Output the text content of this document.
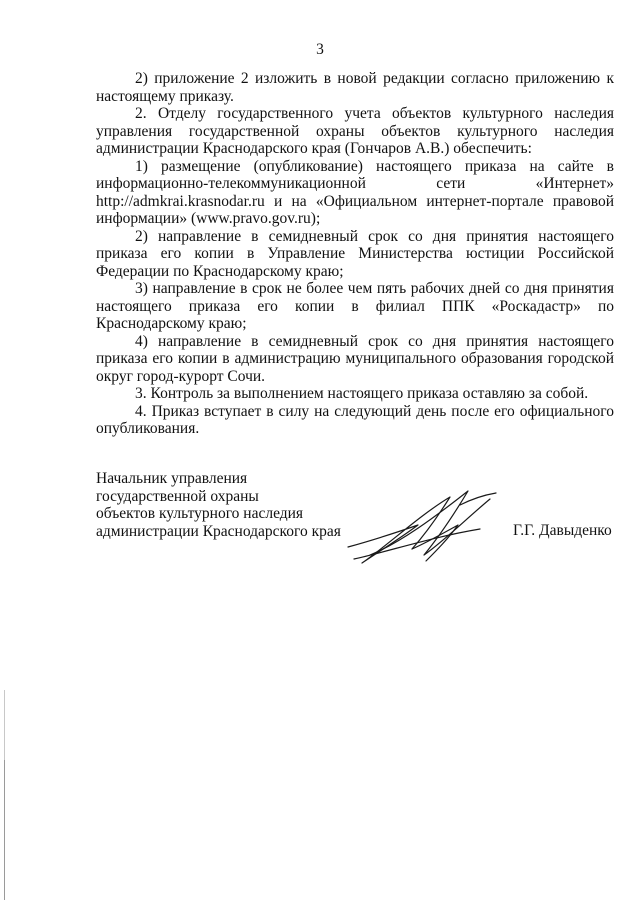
3

2) приложение 2 изложить в новой редакции согласно приложению к настоящему приказу.

2. Отделу государственного учета объектов культурного наследия управления государственной охраны объектов культурного наследия администрации Краснодарского края (Гончаров А.В.) обеспечить:

1) размещение (опубликование) настоящего приказа на сайте в информационно-телекоммуникационной сети «Интернет» http://admkrai.krasnodar.ru и на «Официальном интернет-портале правовой информации» (www.pravo.gov.ru);

2) направление в семидневный срок со дня принятия настоящего приказа его копии в Управление Министерства юстиции Российской Федерации по Краснодарскому краю;

3) направление в срок не более чем пять рабочих дней со дня принятия настоящего приказа его копии в филиал ППК «Роскадастр» по Краснодарскому краю;

4) направление в семидневный срок со дня принятия настоящего приказа его копии в администрацию муниципального образования городской округ город-курорт Сочи.

3. Контроль за выполнением настоящего приказа оставляю за собой.

4. Приказ вступает в силу на следующий день после его официального опубликования.

Начальник управления
государственной охраны
объектов культурного наследия
администрации Краснодарского края	Г.Г. Давыденко
